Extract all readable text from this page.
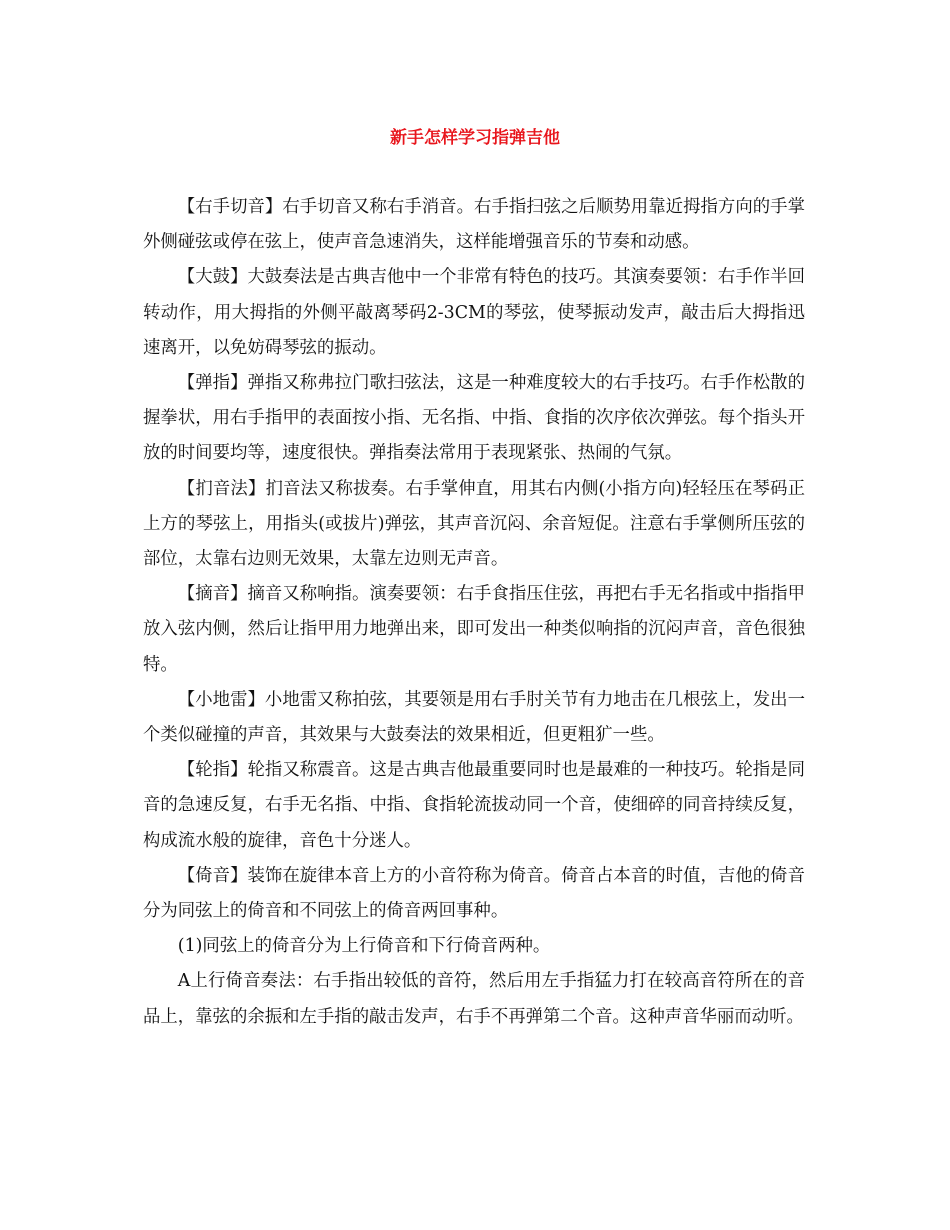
新手怎样学习指弹吉他

【右手切音】右手切音又称右手消音。右手指扫弦之后顺势用靠近拇指方向的手掌外侧碰弦或停在弦上，使声音急速消失，这样能增强音乐的节奏和动感。

【大鼓】大鼓奏法是古典吉他中一个非常有特色的技巧。其演奏要领：右手作半回转动作，用大拇指的外侧平敲离琴码2-3CM的琴弦，使琴振动发声，敲击后大拇指迅速离开，以免妨碍琴弦的振动。

【弹指】弹指又称弗拉门歌扫弦法，这是一种难度较大的右手技巧。右手作松散的握拳状，用右手指甲的表面按小指、无名指、中指、食指的次序依次弹弦。每个指头开放的时间要均等，速度很快。弹指奏法常用于表现紧张、热闹的气氛。

【扪音法】扪音法又称拔奏。右手掌伸直，用其右内侧(小指方向)轻轻压在琴码正上方的琴弦上，用指头(或拔片)弹弦，其声音沉闷、余音短促。注意右手掌侧所压弦的部位，太靠右边则无效果，太靠左边则无声音。

【摘音】摘音又称响指。演奏要领：右手食指压住弦，再把右手无名指或中指指甲放入弦内侧，然后让指甲用力地弹出来，即可发出一种类似响指的沉闷声音，音色很独特。

【小地雷】小地雷又称拍弦，其要领是用右手肘关节有力地击在几根弦上，发出一个类似碰撞的声音，其效果与大鼓奏法的效果相近，但更粗犷一些。

【轮指】轮指又称震音。这是古典吉他最重要同时也是最难的一种技巧。轮指是同音的急速反复，右手无名指、中指、食指轮流拔动同一个音，使细碎的同音持续反复，构成流水般的旋律，音色十分迷人。

【倚音】装饰在旋律本音上方的小音符称为倚音。倚音占本音的时值，吉他的倚音分为同弦上的倚音和不同弦上的倚音两回事种。

(1)同弦上的倚音分为上行倚音和下行倚音两种。

A上行倚音奏法：右手指出较低的音符，然后用左手指猛力打在较高音符所在的音品上，靠弦的余振和左手指的敲击发声，右手不再弹第二个音。这种声音华丽而动听。
